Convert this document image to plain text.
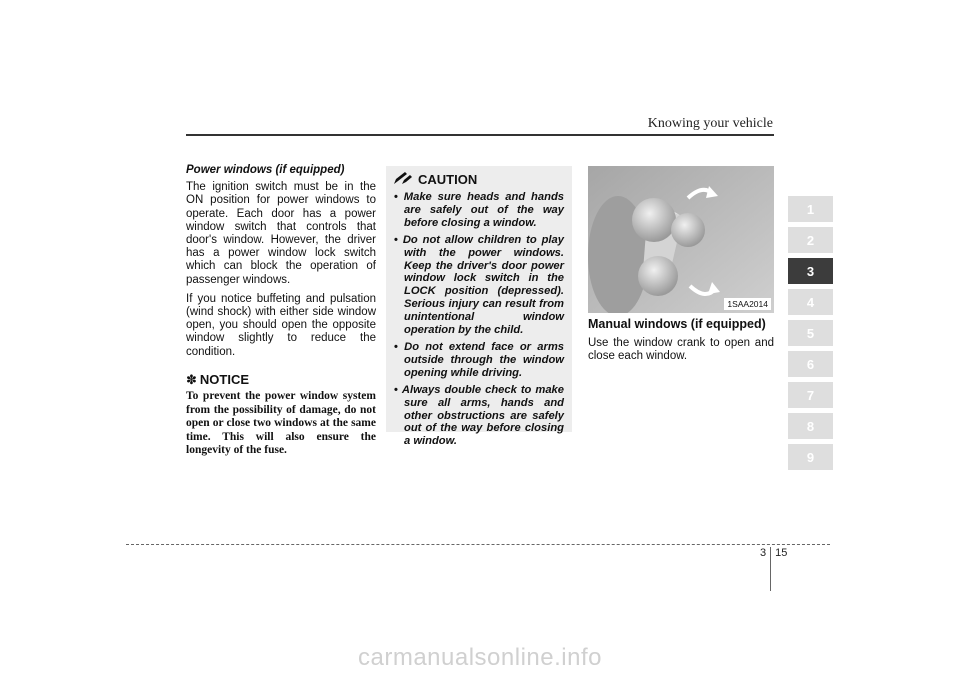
Knowing your vehicle
Power windows (if equipped)

The ignition switch must be in the ON position for power windows to operate. Each door has a power window switch that controls that door's window. However, the driver has a power window lock switch which can block the operation of passenger windows.

If you notice buffeting and pulsation (wind shock) with either side window open, you should open the opposite window slightly to reduce the condition.

✽ NOTICE

To prevent the power window system from the possibility of damage, do not open or close two windows at the same time. This will also ensure the longevity of the fuse.

CAUTION
• Make sure heads and hands are safely out of the way before closing a window.
• Do not allow children to play with the power windows. Keep the driver's door power window lock switch in the LOCK position (depressed). Serious injury can result from unintentional window operation by the child.
• Do not extend face or arms outside through the window opening while driving.
• Always double check to make sure all arms, hands and other obstructions are safely out of the way before closing a window.
1SAA2014
Manual windows (if equipped)

Use the window crank to open and close each window.

1
2
3
4
5
6
7
8
9
3 15
carmanualsonline.info
